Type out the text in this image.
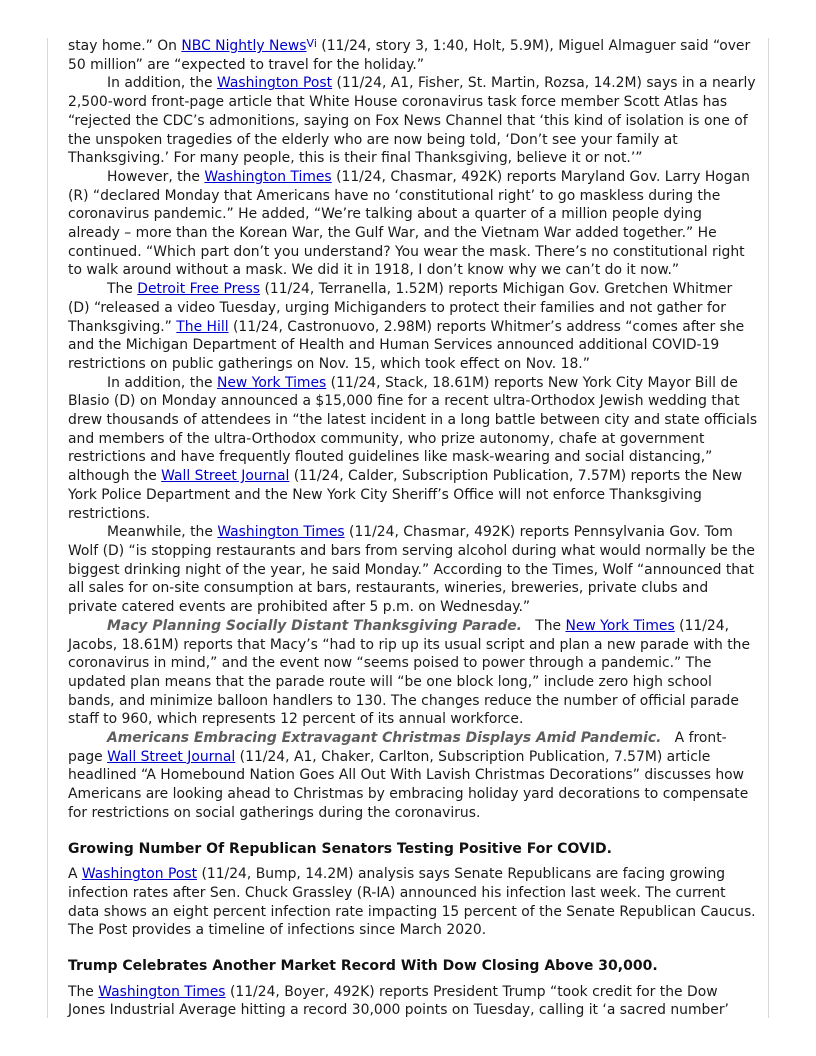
stay home.” On NBC Nightly News$^{Vi}$ (11/24, story 3, 1:40, Holt, 5.9M), Miguel Almaguer said “over 50 million” are “expected to travel for the holiday.”

In addition, the Washington Post (11/24, A1, Fisher, St. Martin, Rozsa, 14.2M) says in a nearly 2,500-word front-page article that White House coronavirus task force member Scott Atlas has “rejected the CDC’s admonitions, saying on Fox News Channel that ‘this kind of isolation is one of the unspoken tragedies of the elderly who are now being told, ‘Don’t see your family at Thanksgiving.’ For many people, this is their final Thanksgiving, believe it or not.’”

However, the Washington Times (11/24, Chasmar, 492K) reports Maryland Gov. Larry Hogan (R) “declared Monday that Americans have no ‘constitutional right’ to go maskless during the coronavirus pandemic.” He added, “We’re talking about a quarter of a million people dying already – more than the Korean War, the Gulf War, and the Vietnam War added together.” He continued. “Which part don’t you understand? You wear the mask. There’s no constitutional right to walk around without a mask. We did it in 1918, I don’t know why we can’t do it now.”

The Detroit Free Press (11/24, Terranella, 1.52M) reports Michigan Gov. Gretchen Whitmer (D) “released a video Tuesday, urging Michiganders to protect their families and not gather for Thanksgiving.” The Hill (11/24, Castronuovo, 2.98M) reports Whitmer’s address “comes after she and the Michigan Department of Health and Human Services announced additional COVID-19 restrictions on public gatherings on Nov. 15, which took effect on Nov. 18.”

In addition, the New York Times (11/24, Stack, 18.61M) reports New York City Mayor Bill de Blasio (D) on Monday announced a $15,000 fine for a recent ultra-Orthodox Jewish wedding that drew thousands of attendees in “the latest incident in a long battle between city and state officials and members of the ultra-Orthodox community, who prize autonomy, chafe at government restrictions and have frequently flouted guidelines like mask-wearing and social distancing,” although the Wall Street Journal (11/24, Calder, Subscription Publication, 7.57M) reports the New York Police Department and the New York City Sheriff’s Office will not enforce Thanksgiving restrictions.

Meanwhile, the Washington Times (11/24, Chasmar, 492K) reports Pennsylvania Gov. Tom Wolf (D) “is stopping restaurants and bars from serving alcohol during what would normally be the biggest drinking night of the year, he said Monday.” According to the Times, Wolf “announced that all sales for on-site consumption at bars, restaurants, wineries, breweries, private clubs and private catered events are prohibited after 5 p.m. on Wednesday.”

Macy Planning Socially Distant Thanksgiving Parade.   The New York Times (11/24, Jacobs, 18.61M) reports that Macy’s “had to rip up its usual script and plan a new parade with the coronavirus in mind,” and the event now “seems poised to power through a pandemic.” The updated plan means that the parade route will “be one block long,” include zero high school bands, and minimize balloon handlers to 130. The changes reduce the number of official parade staff to 960, which represents 12 percent of its annual workforce.

Americans Embracing Extravagant Christmas Displays Amid Pandemic.   A front-page Wall Street Journal (11/24, A1, Chaker, Carlton, Subscription Publication, 7.57M) article headlined “A Homebound Nation Goes All Out With Lavish Christmas Decorations” discusses how Americans are looking ahead to Christmas by embracing holiday yard decorations to compensate for restrictions on social gatherings during the coronavirus.

Growing Number Of Republican Senators Testing Positive For COVID.

A Washington Post (11/24, Bump, 14.2M) analysis says Senate Republicans are facing growing infection rates after Sen. Chuck Grassley (R-IA) announced his infection last week. The current data shows an eight percent infection rate impacting 15 percent of the Senate Republican Caucus. The Post provides a timeline of infections since March 2020.

Trump Celebrates Another Market Record With Dow Closing Above 30,000.

The Washington Times (11/24, Boyer, 492K) reports President Trump “took credit for the Dow Jones Industrial Average hitting a record 30,000 points on Tuesday, calling it ‘a sacred number’
